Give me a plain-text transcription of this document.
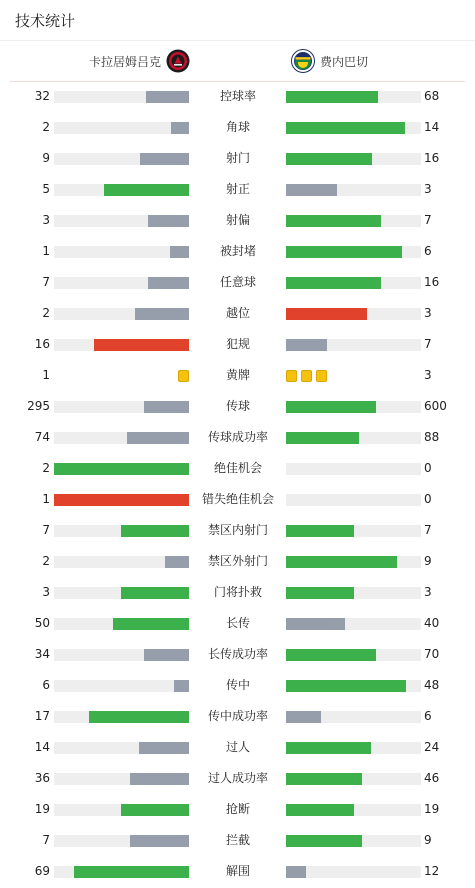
技术统计
卡拉居姆吕克	费内巴切
32	控球率	68
2	角球	14
9	射门	16
5	射正	3
3	射偏	7
1	被封堵	6
7	任意球	16
2	越位	3
16	犯规	7
1	黄牌	3
295	传球	600
74	传球成功率	88
2	绝佳机会	0
1	错失绝佳机会	0
7	禁区内射门	7
2	禁区外射门	9
3	门将扑救	3
50	长传	40
34	长传成功率	70
6	传中	48
17	传中成功率	6
14	过人	24
36	过人成功率	46
19	抢断	19
7	拦截	9
69	解围	12
